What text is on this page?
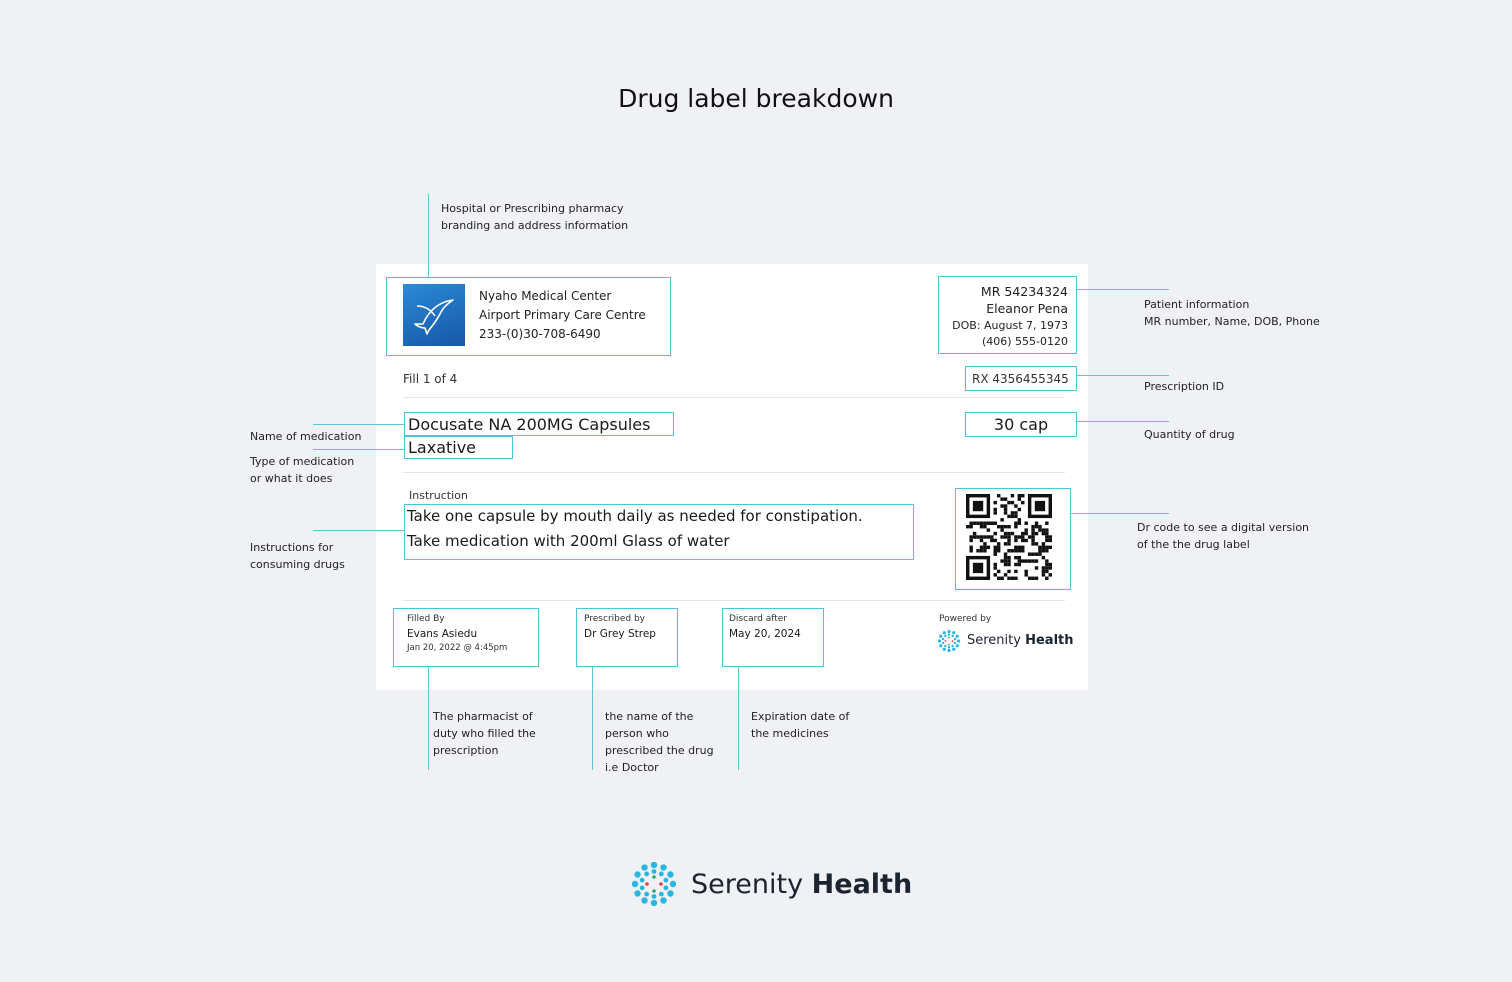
Drug label breakdown
Nyaho Medical Center
Airport Primary Care Centre
233-(0)30-708-6490
MR 54234324
Eleanor Pena
DOB: August 7, 1973
(406) 555-0120
Fill 1 of 4	RX 4356455345
Docusate NA 200MG Capsules
Laxative
30 cap
Instruction
Take one capsule by mouth daily as needed for constipation.
Take medication with 200ml Glass of water
Filled By
Evans Asiedu
Jan 20, 2022 @ 4:45pm
Prescribed by
Dr Grey Strep
Discard after
May 20, 2024
Powered by
Serenity Health
Hospital or Prescribing pharmacy
branding and address information
Patient information
MR number, Name, DOB, Phone
Prescription ID
Quantity of drug
Dr code to see a digital version
of the the drug label
Name of medication
Type of medication
or what it does
Instructions for
consuming drugs
The pharmacist of
duty who filled the
prescription
the name of the
person who
prescribed the drug
i.e Doctor
Expiration date of
the medicines
Serenity Health
